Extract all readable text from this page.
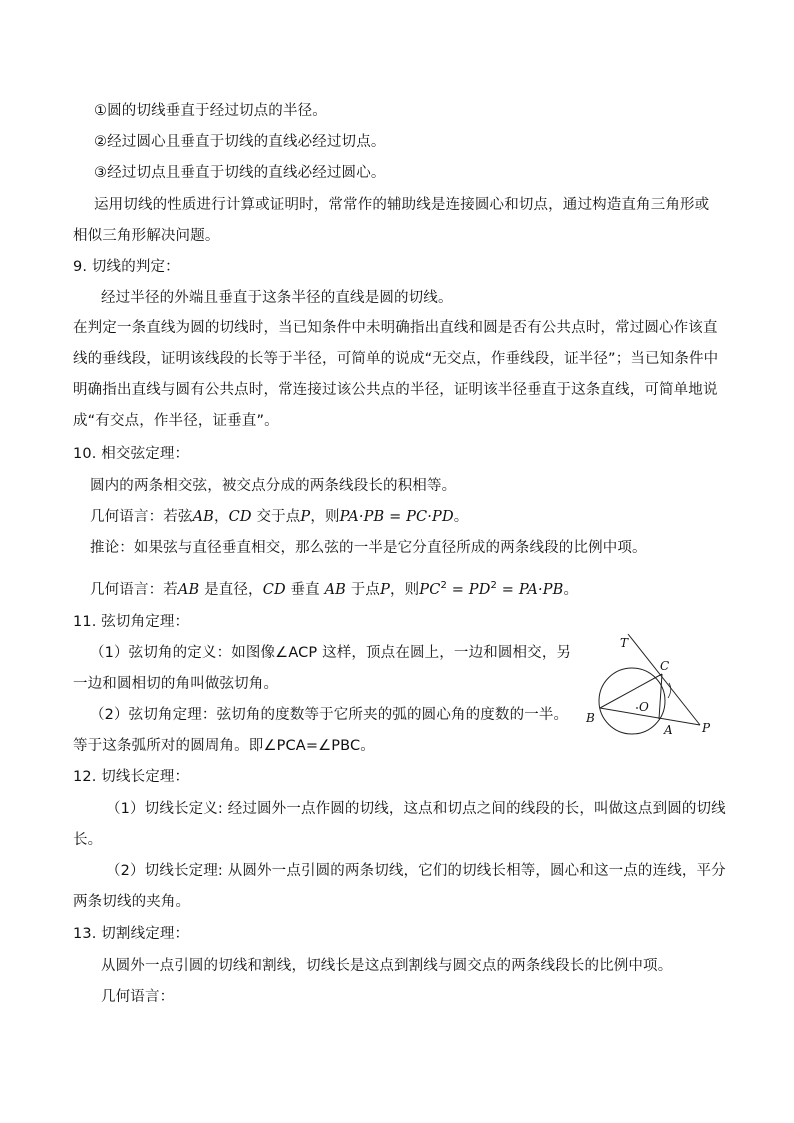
①圆的切线垂直于经过切点的半径。
②经过圆心且垂直于切线的直线必经过切点。
③经过切点且垂直于切线的直线必经过圆心。
运用切线的性质进行计算或证明时，常常作的辅助线是连接圆心和切点，通过构造直角三角形或
相似三角形解决问题。
9. 切线的判定：
经过半径的外端且垂直于这条半径的直线是圆的切线。
在判定一条直线为圆的切线时，当已知条件中未明确指出直线和圆是否有公共点时，常过圆心作该直
线的垂线段，证明该线段的长等于半径，可简单的说成“无交点，作垂线段，证半径”；当已知条件中
明确指出直线与圆有公共点时，常连接过该公共点的半径，证明该半径垂直于这条直线，可简单地说
成“有交点，作半径，证垂直”。
10. 相交弦定理：
圆内的两条相交弦，被交点分成的两条线段长的积相等。
几何语言：若弦AB，CD 交于点P，则PA·PB = PC·PD。
推论：如果弦与直径垂直相交，那么弦的一半是它分直径所成的两条线段的比例中项。
几何语言：若AB 是直径，CD 垂直 AB 于点P，则$PC^2 = PD^2 = PA\cdot PB$。
11. 弦切角定理：
（1）弦切角的定义：如图像∠ACP 这样，顶点在圆上，一边和圆相交，另
一边和圆相切的角叫做弦切角。
（2）弦切角定理：弦切角的度数等于它所夹的弧的圆心角的度数的一半。
等于这条弧所对的圆周角。即∠PCA=∠PBC。
T
C
O
B
A P
12. 切线长定理：
（1）切线长定义: 经过圆外一点作圆的切线，这点和切点之间的线段的长，叫做这点到圆的切线
长。
（2）切线长定理: 从圆外一点引圆的两条切线，它们的切线长相等，圆心和这一点的连线，平分
两条切线的夹角。
13. 切割线定理：
从圆外一点引圆的切线和割线，切线长是这点到割线与圆交点的两条线段长的比例中项。
几何语言：
